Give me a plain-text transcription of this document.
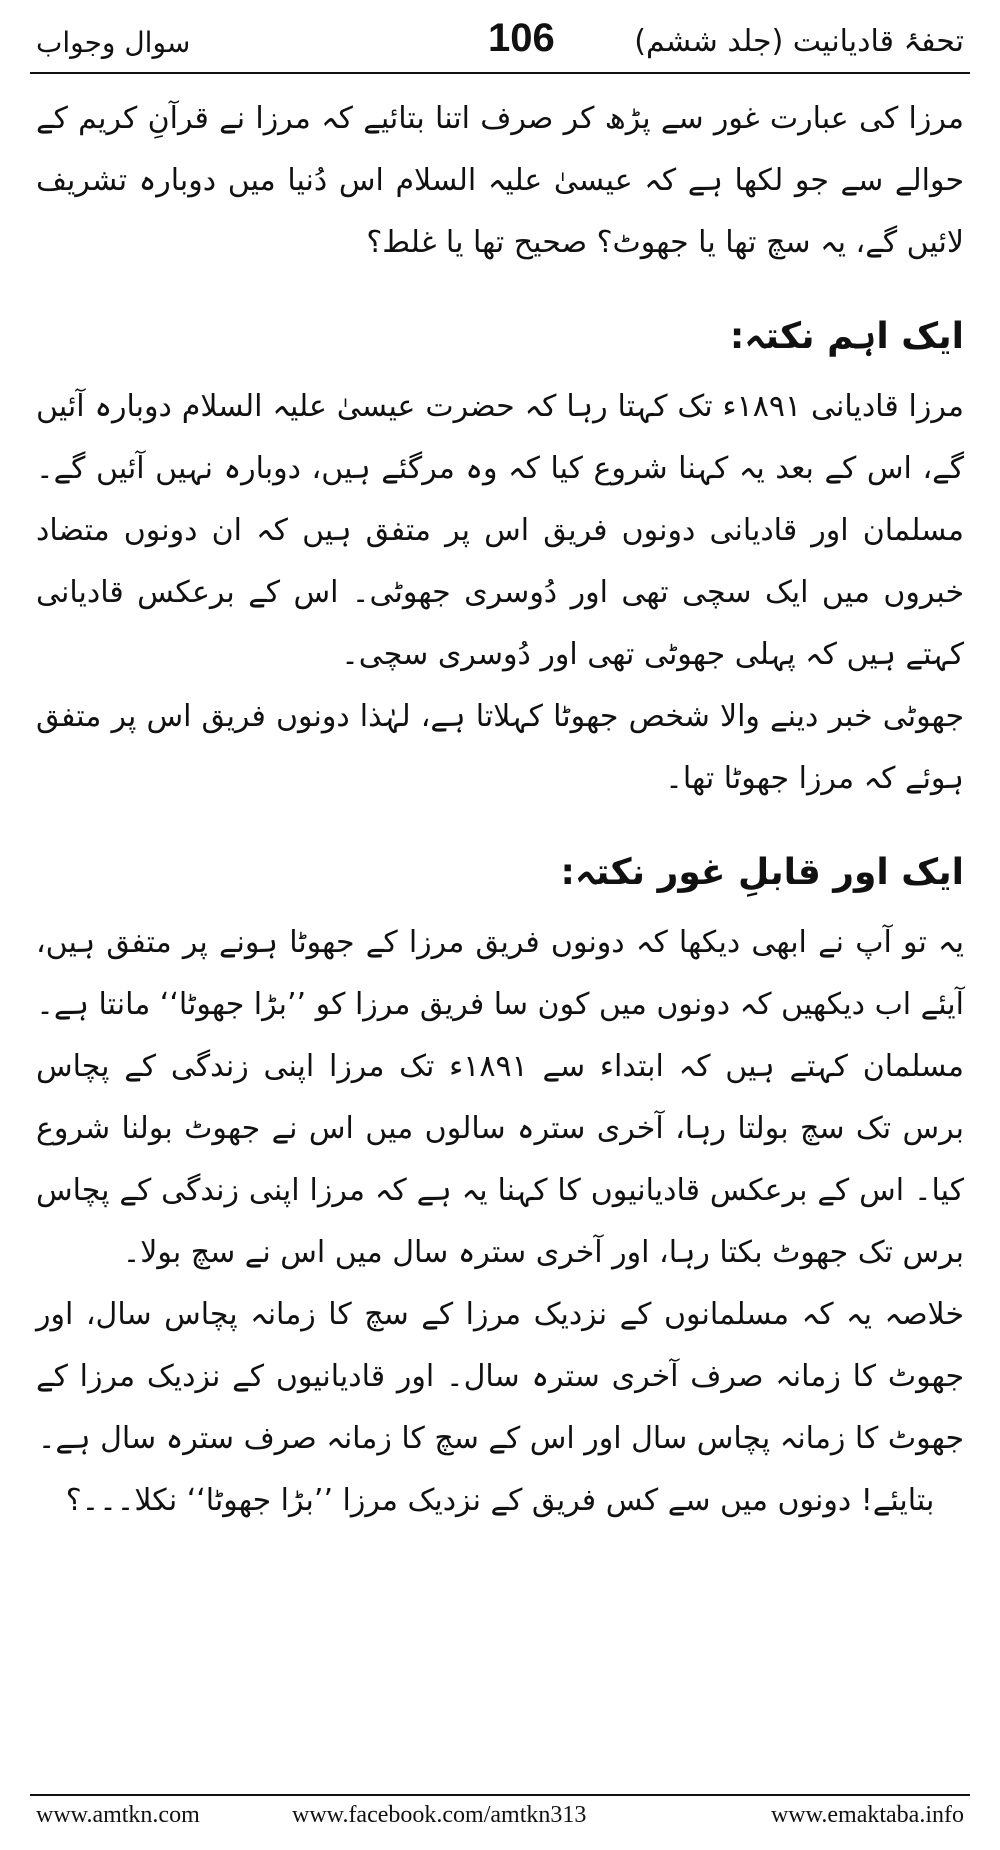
سوال وجواب	106	تحفۂ قادیانیت (جلد ششم)

مرزا کی عبارت غور سے پڑھ کر صرف اتنا بتائیے کہ مرزا نے قرآنِ کریم کے حوالے سے جو لکھا ہے کہ عیسیٰ علیہ السلام اس دُنیا میں دوبارہ تشریف لائیں گے، یہ سچ تھا یا جھوٹ؟ صحیح تھا یا غلط؟

ایک اہم نکتہ:

مرزا قادیانی ۱۸۹۱ء تک کہتا رہا کہ حضرت عیسیٰ علیہ السلام دوبارہ آئیں گے، اس کے بعد یہ کہنا شروع کیا کہ وہ مرگئے ہیں، دوبارہ نہیں آئیں گے۔ مسلمان اور قادیانی دونوں فریق اس پر متفق ہیں کہ ان دونوں متضاد خبروں میں ایک سچی تھی اور دُوسری جھوٹی۔ اس کے برعکس قادیانی کہتے ہیں کہ پہلی جھوٹی تھی اور دُوسری سچی۔

جھوٹی خبر دینے والا شخص جھوٹا کہلاتا ہے، لہٰذا دونوں فریق اس پر متفق ہوئے کہ مرزا جھوٹا تھا۔

ایک اور قابلِ غور نکتہ:

یہ تو آپ نے ابھی دیکھا کہ دونوں فریق مرزا کے جھوٹا ہونے پر متفق ہیں، آیئے اب دیکھیں کہ دونوں میں کون سا فریق مرزا کو ’’بڑا جھوٹا‘‘ مانتا ہے۔

مسلمان کہتے ہیں کہ ابتداء سے ۱۸۹۱ء تک مرزا اپنی زندگی کے پچاس برس تک سچ بولتا رہا، آخری سترہ سالوں میں اس نے جھوٹ بولنا شروع کیا۔ اس کے برعکس قادیانیوں کا کہنا یہ ہے کہ مرزا اپنی زندگی کے پچاس برس تک جھوٹ بکتا رہا، اور آخری سترہ سال میں اس نے سچ بولا۔

خلاصہ یہ کہ مسلمانوں کے نزدیک مرزا کے سچ کا زمانہ پچاس سال، اور جھوٹ کا زمانہ صرف آخری سترہ سال۔ اور قادیانیوں کے نزدیک مرزا کے جھوٹ کا زمانہ پچاس سال اور اس کے سچ کا زمانہ صرف سترہ سال ہے۔

بتایئے! دونوں میں سے کس فریق کے نزدیک مرزا ’’بڑا جھوٹا‘‘ نکلا۔۔۔؟

www.amtkn.com	www.facebook.com/amtkn313	www.emaktaba.info
